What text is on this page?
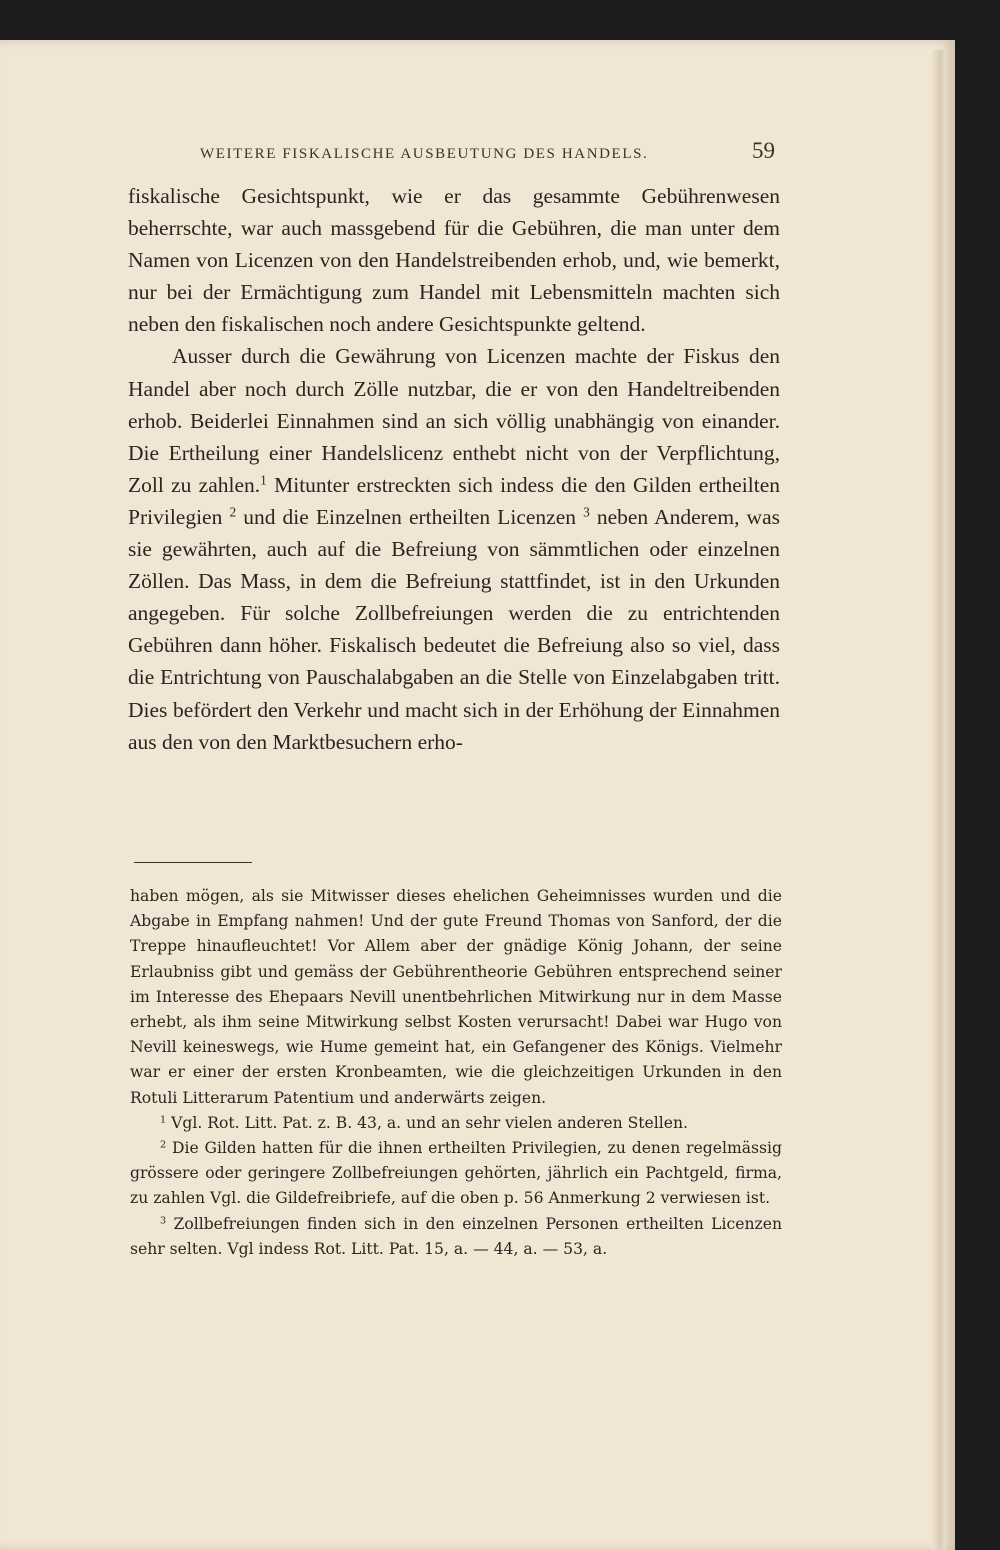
WEITERE FISKALISCHE AUSBEUTUNG DES HANDELS.	59

fiskalische Gesichtspunkt, wie er das gesammte Gebührenwesen beherrschte, war auch massgebend für die Gebühren, die man unter dem Namen von Licenzen von den Handelstreibenden erhob, und, wie bemerkt, nur bei der Ermächtigung zum Handel mit Lebensmitteln machten sich neben den fiskalischen noch andere Gesichtspunkte geltend.

Ausser durch die Gewährung von Licenzen machte der Fiskus den Handel aber noch durch Zölle nutzbar, die er von den Handeltreibenden erhob. Beiderlei Einnahmen sind an sich völlig unabhängig von einander. Die Ertheilung einer Handelslicenz enthebt nicht von der Verpflichtung, Zoll zu zahlen.$^1$ Mitunter erstreckten sich indess die den Gilden ertheilten Privilegien $^2$ und die Einzelnen ertheilten Licenzen $^3$ neben Anderem, was sie gewährten, auch auf die Befreiung von sämmtlichen oder einzelnen Zöllen. Das Mass, in dem die Befreiung stattfindet, ist in den Urkunden angegeben. Für solche Zollbefreiungen werden die zu entrichtenden Gebühren dann höher. Fiskalisch bedeutet die Befreiung also so viel, dass die Entrichtung von Pauschalabgaben an die Stelle von Einzelabgaben tritt. Dies befördert den Verkehr und macht sich in der Erhöhung der Einnahmen aus den von den Marktbesuchern erho-

haben mögen, als sie Mitwisser dieses ehelichen Geheimnisses wurden und die Abgabe in Empfang nahmen! Und der gute Freund Thomas von Sanford, der die Treppe hinaufleuchtet! Vor Allem aber der gnädige König Johann, der seine Erlaubniss gibt und gemäss der Gebührentheorie Gebühren entsprechend seiner im Interesse des Ehepaars Nevill unentbehrlichen Mitwirkung nur in dem Masse erhebt, als ihm seine Mitwirkung selbst Kosten verursacht! Dabei war Hugo von Nevill keineswegs, wie Hume gemeint hat, ein Gefangener des Königs. Vielmehr war er einer der ersten Kronbeamten, wie die gleichzeitigen Urkunden in den Rotuli Litterarum Patentium und anderwärts zeigen.

$^1$ Vgl. Rot. Litt. Pat. z. B. 43, a. und an sehr vielen anderen Stellen.

$^2$ Die Gilden hatten für die ihnen ertheilten Privilegien, zu denen regelmässig grössere oder geringere Zollbefreiungen gehörten, jährlich ein Pachtgeld, firma, zu zahlen Vgl. die Gildefreibriefe, auf die oben p. 56 Anmerkung 2 verwiesen ist.

$^3$ Zollbefreiungen finden sich in den einzelnen Personen ertheilten Licenzen sehr selten. Vgl indess Rot. Litt. Pat. 15, a. — 44, a. — 53, a.
